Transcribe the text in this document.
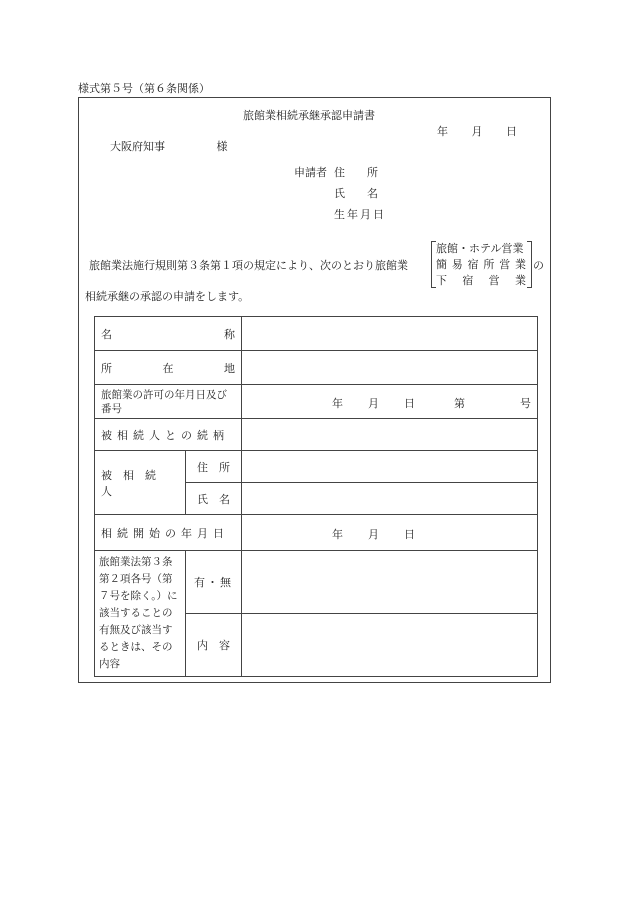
様式第５号（第６条関係）
旅館業相続承継承認申請書
年 月 日
大阪府知事	様
申請者 住　　所
氏　　名
生年月日
旅館業法施行規則第３条第１項の規定により、次のとおり旅館業
旅館・ホテル営業
簡 易 宿 所 営 業
下 宿 営 業
の
相続承継の承認の申請をします。
名 称		

所 在 地		

旅館業の許可の年月日及び番号		年 月 日 第 号

被相続人との続柄		
被相続人	住　所	
	氏　名	
相続開始の年月日		年 月 日

旅館業法第３条第２項各号（第７号を除く。）に該当することの有無及び該当するときは、その内容	有・無	
	内　容	
